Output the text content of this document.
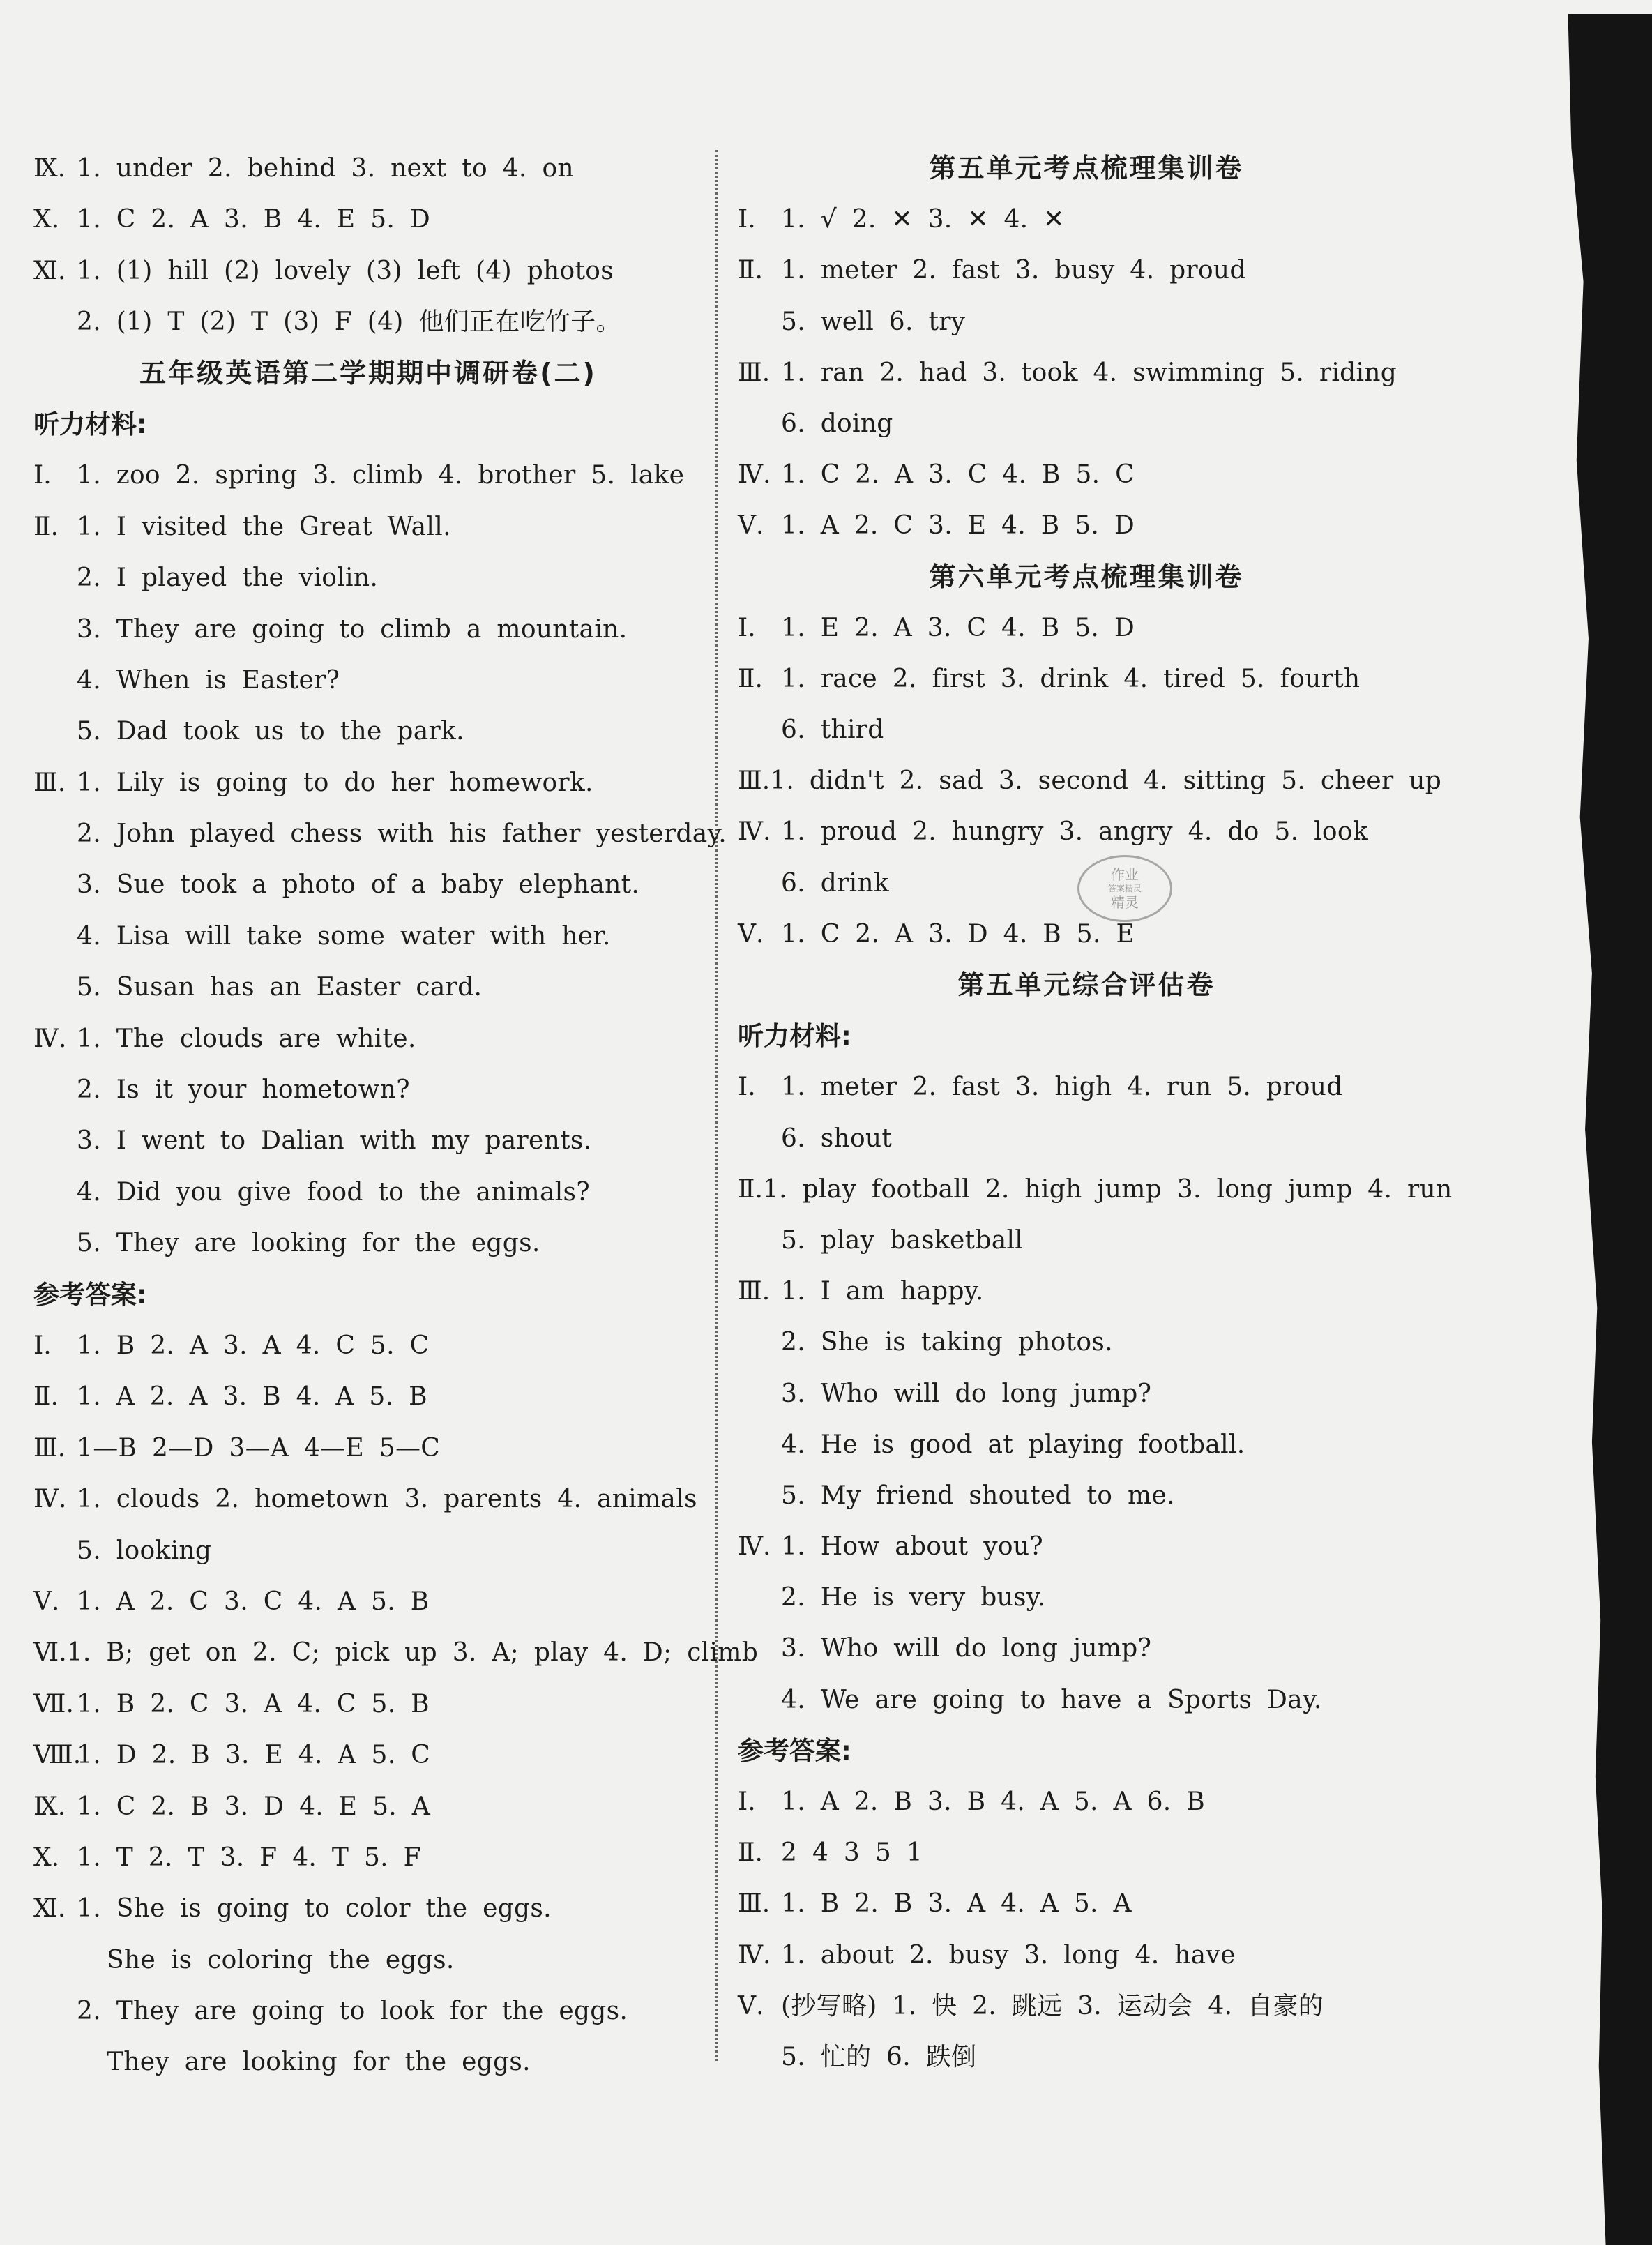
Ⅸ. 1. under 2. behind 3. next to 4. on
Ⅹ. 1. C 2. A 3. B 4. E 5. D
Ⅺ. 1. (1) hill (2) lovely (3) left (4) photos
2. (1) T (2) T (3) F (4) 他们正在吃竹子。
五年级英语第二学期期中调研卷(二)
听力材料:
Ⅰ.	1. zoo 2. spring 3. climb 4. brother 5. lake
Ⅱ. 1. I visited the Great Wall.
2. I played the violin.
3. They are going to climb a mountain.
4. When is Easter?
5. Dad took us to the park.
Ⅲ. 1. Lily is going to do her homework.
2. John played chess with his father yesterday.
3. Sue took a photo of a baby elephant.
4. Lisa will take some water with her.
5. Susan has an Easter card.
Ⅳ. 1. The clouds are white.
2. Is it your hometown?
3. I went to Dalian with my parents.
4. Did you give food to the animals?
5. They are looking for the eggs.
参考答案:
Ⅰ.	1. B 2. A 3. A 4. C 5. C
Ⅱ. 1. A 2. A 3. B 4. A 5. B
Ⅲ. 1—B 2—D 3—A 4—E 5—C
Ⅳ. 1. clouds 2. hometown 3. parents 4. animals
5. looking
Ⅴ. 1. A 2. C 3. C 4. A 5. B
Ⅵ. 1. B; get on 2. C; pick up 3. A; play 4. D; climb
Ⅶ. 1. B 2. C 3. A 4. C 5. B
Ⅷ.
1. D 2. B 3. E 4. A 5. C
Ⅸ. 1. C 2. B 3. D 4. E 5. A
Ⅹ. 1. T 2. T 3. F 4. T 5. F
Ⅺ. 1. She is going to color the eggs.
She is coloring the eggs.
2. They are going to look for the eggs.
They are looking for the eggs.
第五单元考点梳理集训卷
Ⅰ.	1. √ 2. ✕ 3. ✕ 4. ✕
Ⅱ. 1. meter 2. fast 3. busy 4. proud
5. well 6. try
Ⅲ. 1. ran 2. had 3. took 4. swimming 5. riding
6. doing
Ⅳ. 1. C 2. A 3. C 4. B 5. C
Ⅴ. 1. A 2. C 3. E 4. B 5. D
第六单元考点梳理集训卷
Ⅰ.	1. E 2. A 3. C 4. B 5. D
Ⅱ. 1. race 2. first 3. drink 4. tired 5. fourth
6. third
Ⅲ. 1. didn't 2. sad 3. second 4. sitting 5. cheer up
Ⅳ. 1. proud 2. hungry 3. angry 4. do 5. look
6. drink
Ⅴ. 1. C 2. A 3. D 4. B 5. E
第五单元综合评估卷
听力材料:
Ⅰ.	1. meter 2. fast 3. high 4. run 5. proud
6. shout
Ⅱ. 1. play football 2. high jump 3. long jump 4. run
5. play basketball
Ⅲ. 1. I am happy.
2. She is taking photos.
3. Who will do long jump?
4. He is good at playing football.
5. My friend shouted to me.
Ⅳ. 1. How about you?
2. He is very busy.
3. Who will do long jump?
4. We are going to have a Sports Day.
参考答案:
Ⅰ.	1. A 2. B 3. B 4. A 5. A 6. B
Ⅱ. 2 4 3 5 1
Ⅲ. 1. B 2. B 3. A 4. A 5. A
Ⅳ. 1. about 2. busy 3. long 4. have
Ⅴ. (抄写略) 1. 快 2. 跳远 3. 运动会 4. 自豪的
5. 忙的 6. 跌倒
作业
答案精灵
精灵
